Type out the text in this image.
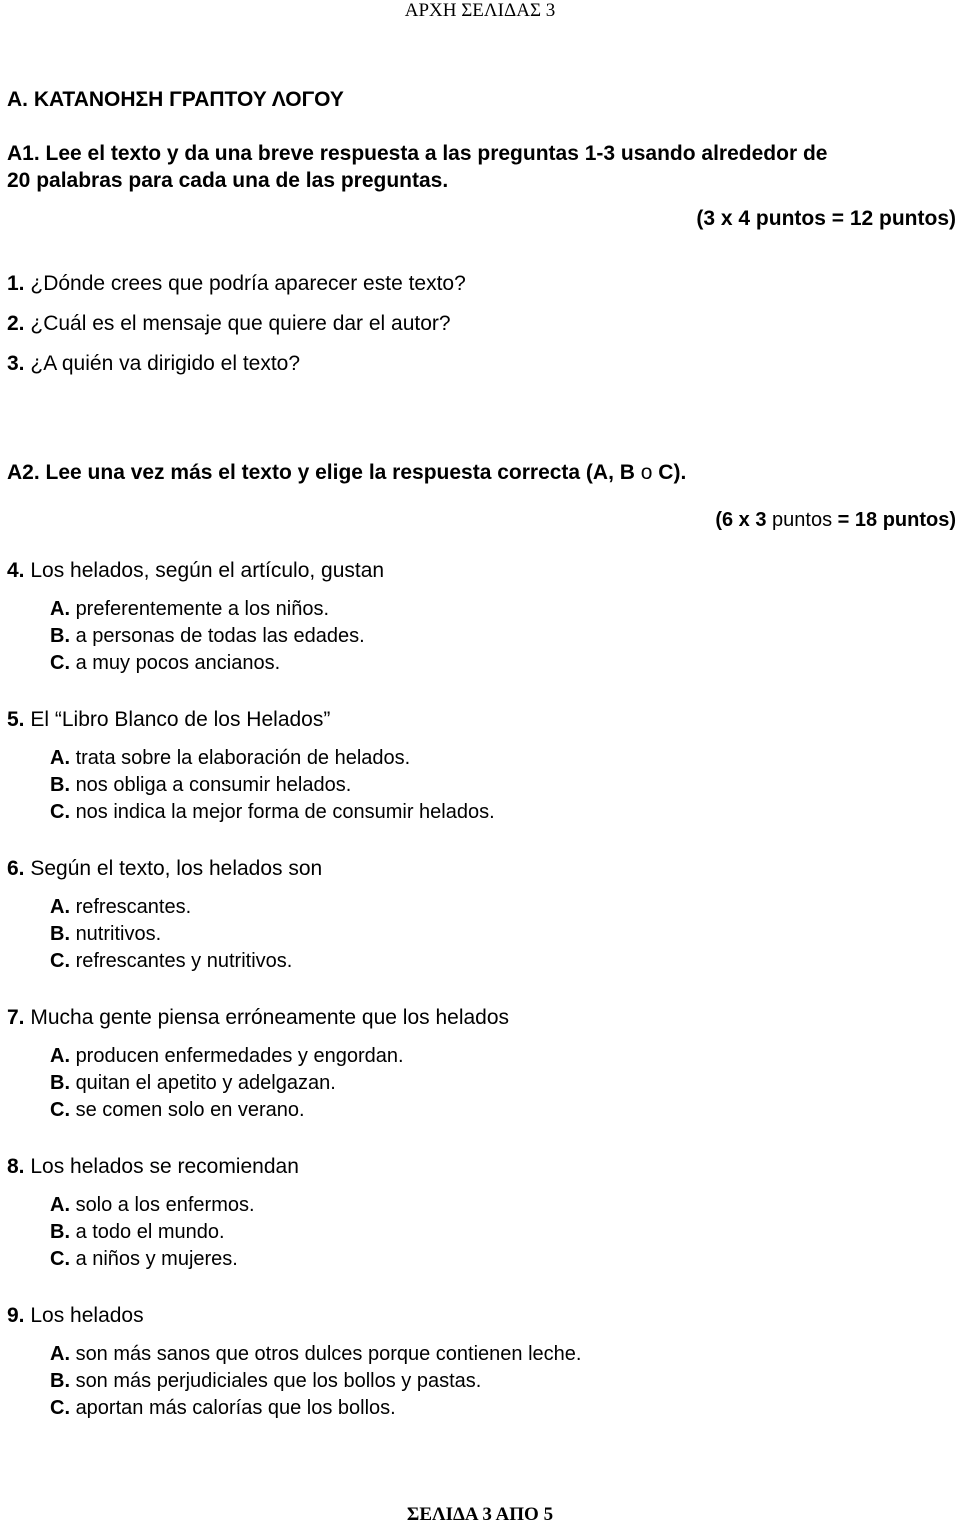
ΑΡΧΗ ΣΕΛΙΔΑΣ 3
Α. ΚΑΤΑΝΟΗΣΗ ΓΡΑΠΤΟΥ ΛΟΓΟΥ
A1. Lee el texto y da una breve respuesta a las preguntas 1-3 usando alrededor de
20 palabras para cada una de las preguntas.
(3 x 4 puntos = 12 puntos)
1. ¿Dónde crees que podría aparecer este texto?
2. ¿Cuál es el mensaje que quiere dar el autor?
3. ¿A quién va dirigido el texto?
A2. Lee una vez más el texto y elige la respuesta correcta (A, B o C).
(6 x 3 puntos = 18 puntos)
4. Los helados, según el artículo, gustan
A. preferentemente a los niños.
B. a personas de todas las edades.
C. a muy pocos ancianos.
5. El “Libro Blanco de los Helados”
A. trata sobre la elaboración de helados.
B. nos obliga a consumir helados.
C. nos indica la mejor forma de consumir helados.
6. Según el texto, los helados son
A. refrescantes.
B. nutritivos.
C. refrescantes y nutritivos.
7. Mucha gente piensa erróneamente que los helados
A. producen enfermedades y engordan.
B. quitan el apetito y adelgazan.
C. se comen solo en verano.
8. Los helados se recomiendan
A. solo a los enfermos.
B. a todo el mundo.
C. a niños y mujeres.
9. Los helados
A. son más sanos que otros dulces porque contienen leche.
B. son más perjudiciales que los bollos y pastas.
C. aportan más calorías que los bollos.
ΣΕΛΙΔΑ 3 ΑΠΟ 5
